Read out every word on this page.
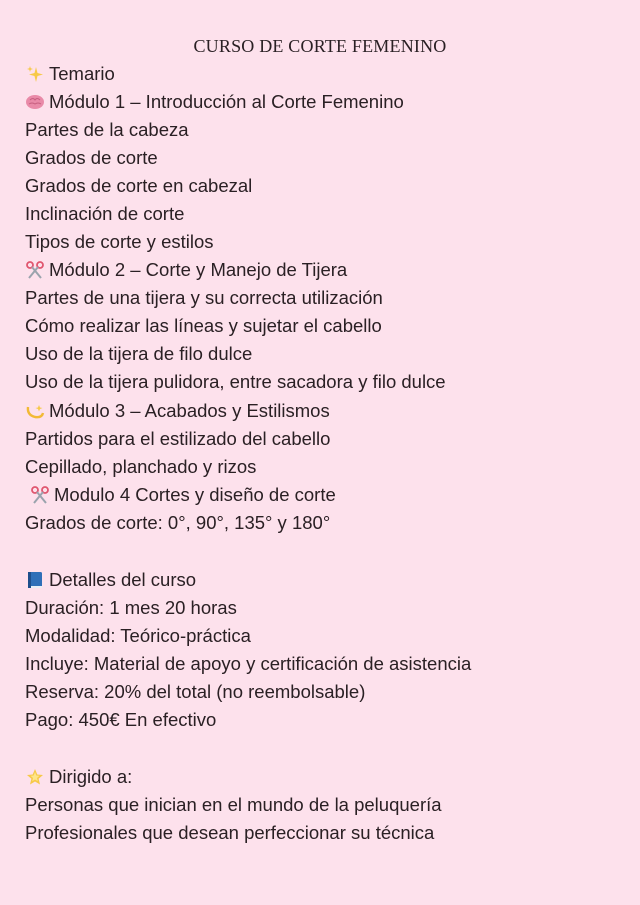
CURSO DE CORTE FEMENINO
Temario
Módulo 1 – Introducción al Corte Femenino
Partes de la cabeza
Grados de corte
Grados de corte en cabezal
Inclinación de corte
Tipos de corte y estilos
Módulo 2 – Corte y Manejo de Tijera
Partes de una tijera y su correcta utilización
Cómo realizar las líneas y sujetar el cabello
Uso de la tijera de filo dulce
Uso de la tijera pulidora, entre sacadora y filo dulce
Módulo 3 – Acabados y Estilismos
Partidos para el estilizado del cabello
Cepillado, planchado y rizos
Modulo 4 Cortes y diseño de corte
Grados de corte: 0°, 90°, 135° y 180°
Detalles del curso
Duración: 1 mes 20 horas
Modalidad: Teórico-práctica
Incluye: Material de apoyo y certificación de asistencia
Reserva: 20% del total (no reembolsable)
Pago: 450€ En efectivo
Dirigido a:
Personas que inician en el mundo de la peluquería
Profesionales que desean perfeccionar su técnica
